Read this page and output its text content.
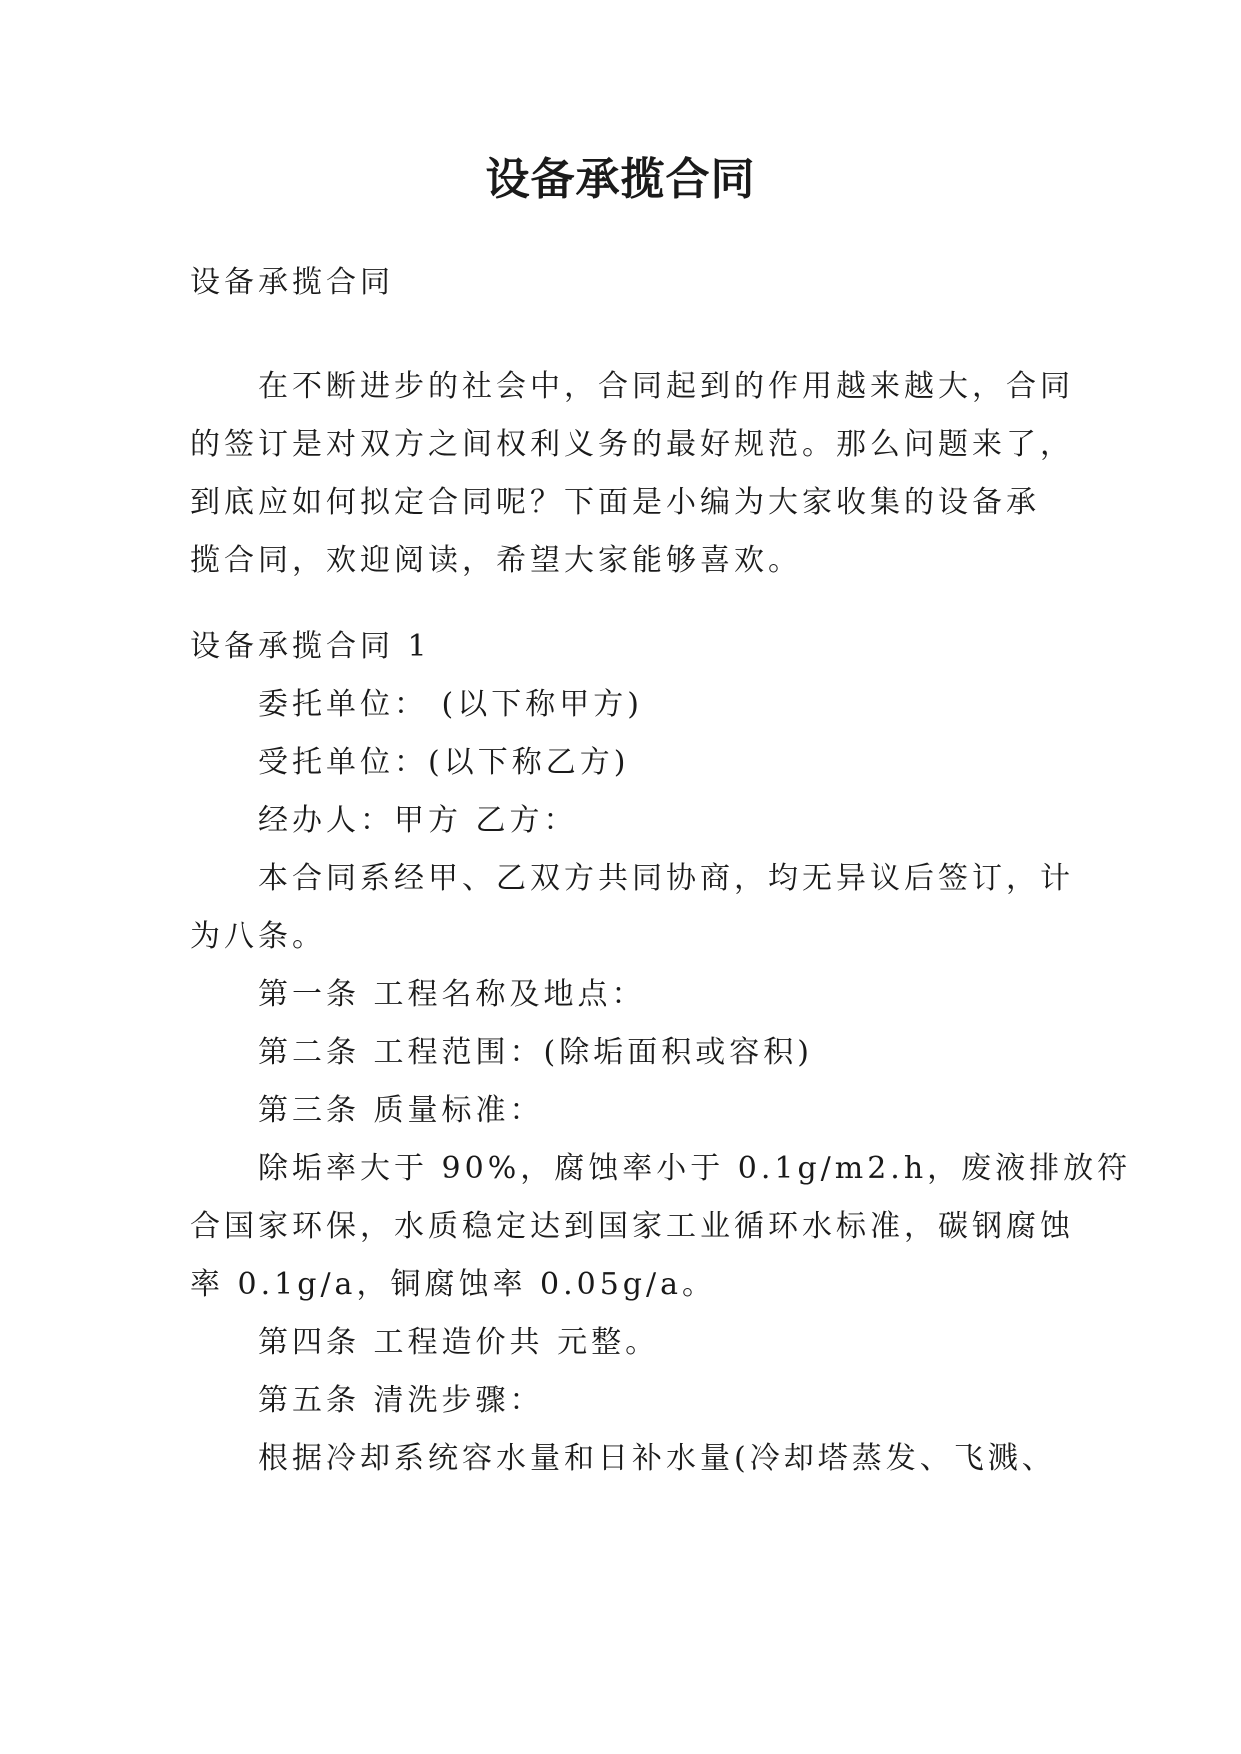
设备承揽合同
设备承揽合同
在不断进步的社会中，合同起到的作用越来越大，合同
的签订是对双方之间权利义务的最好规范。那么问题来了，
到底应如何拟定合同呢？下面是小编为大家收集的设备承
揽合同，欢迎阅读，希望大家能够喜欢。
设备承揽合同 1
委托单位： (以下称甲方)
受托单位：(以下称乙方)
经办人：甲方 乙方：
本合同系经甲、乙双方共同协商，均无异议后签订，计
为八条。
第一条 工程名称及地点：
第二条 工程范围：(除垢面积或容积)
第三条 质量标准：
除垢率大于 90%，腐蚀率小于 0.1g/m2.h，废液排放符
合国家环保，水质稳定达到国家工业循环水标准，碳钢腐蚀
率 0.1g/a，铜腐蚀率 0.05g/a。
第四条 工程造价共 元整。
第五条 清洗步骤：
根据冷却系统容水量和日补水量(冷却塔蒸发、飞溅、
